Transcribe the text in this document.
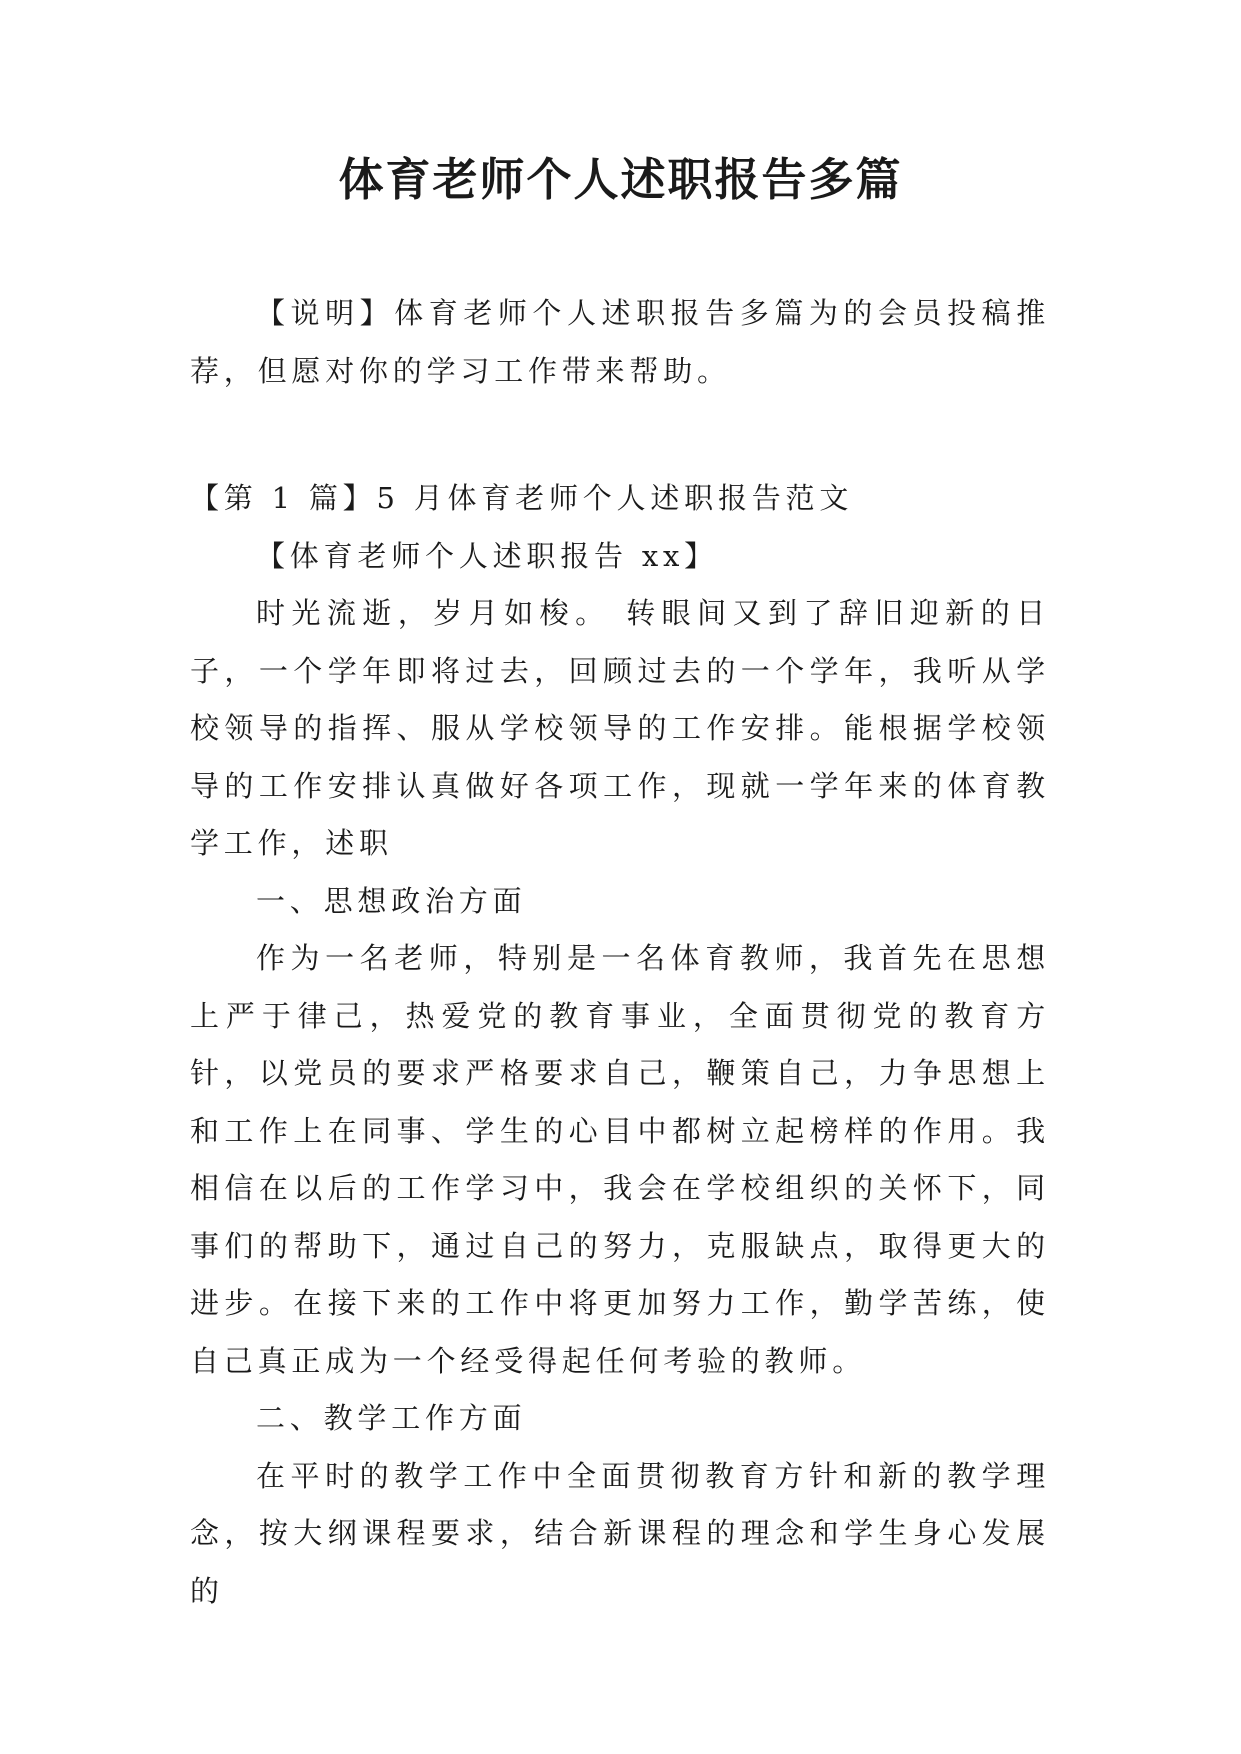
体育老师个人述职报告多篇

【说明】体育老师个人述职报告多篇为的会员投稿推荐，但愿对你的学习工作带来帮助。

【第 1 篇】5 月体育老师个人述职报告范文

【体育老师个人述职报告 xx】

时光流逝，岁月如梭。 转眼间又到了辞旧迎新的日子，一个学年即将过去，回顾过去的一个学年，我听从学校领导的指挥、服从学校领导的工作安排。能根据学校领导的工作安排认真做好各项工作，现就一学年来的体育教学工作，述职

一、思想政治方面

作为一名老师，特别是一名体育教师，我首先在思想上严于律己，热爱党的教育事业，全面贯彻党的教育方针，以党员的要求严格要求自己，鞭策自己，力争思想上和工作上在同事、学生的心目中都树立起榜样的作用。我相信在以后的工作学习中，我会在学校组织的关怀下，同事们的帮助下，通过自己的努力，克服缺点，取得更大的进步。在接下来的工作中将更加努力工作，勤学苦练，使自己真正成为一个经受得起任何考验的教师。

二、教学工作方面

在平时的教学工作中全面贯彻教育方针和新的教学理念，按大纲课程要求，结合新课程的理念和学生身心发展的
